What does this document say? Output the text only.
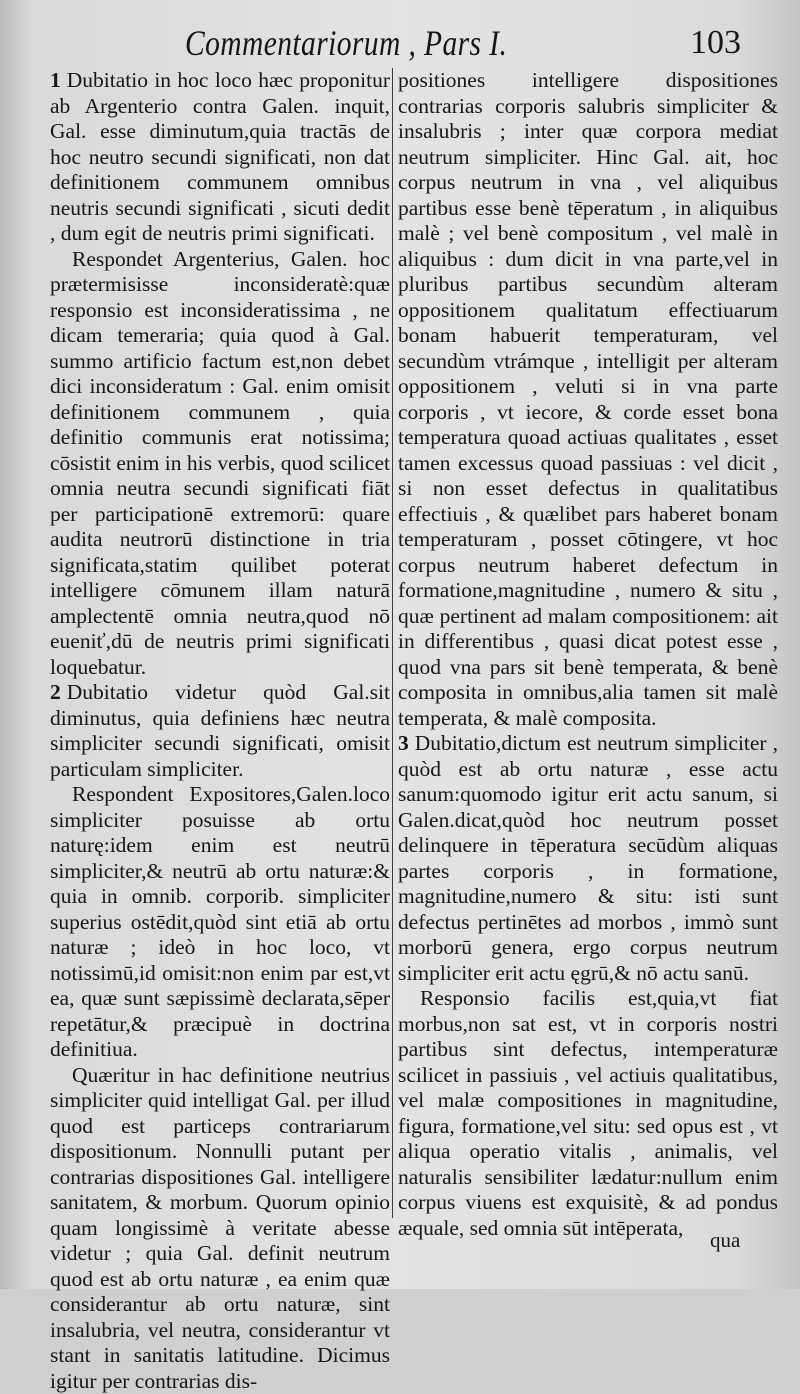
Commentariorum , Pars I.	103

1 Dubitatio in hoc loco hæc proponitur ab Argenterio contra Galen. inquit, Gal. esse diminutum,quia tractās de hoc neutro secundi significati, non dat definitionem communem omnibus neutris secundi significati , sicuti dedit , dum egit de neutris primi significati.

Respondet Argenterius, Galen. hoc prætermisisse inconsideratè:quæ responsio est inconsideratissima , ne dicam temeraria; quia quod à Gal. summo artificio factum est,non debet dici inconsideratum : Gal. enim omisit definitionem communem , quia definitio communis erat notissima; cōsistit enim in his verbis, quod scilicet omnia neutra secundi significati fiāt per participationē extremorū: quare audita neutrorū distinctione in tria significata,statim quilibet poterat intelligere cōmunem illam naturā amplectentē omnia neutra,quod nō eueniť,dū de neutris primi significati loquebatur.

2 Dubitatio videtur quòd Gal.sit diminutus, quia definiens hæc neutra simpliciter secundi significati, omisit particulam simpliciter.

Respondent Expositores,Galen.loco simpliciter posuisse ab ortu naturę:idem enim est neutrū simpliciter,& neutrū ab ortu naturæ:& quia in omnib. corporib. simpliciter superius ostēdit,quòd sint etiā ab ortu naturæ ; ideò in hoc loco, vt notissimū,id omisit:non enim par est,vt ea, quæ sunt sæpissimè declarata,sēper repetātur,& præcipuè in doctrina definitiua.

Quæritur in hac definitione neutrius simpliciter quid intelligat Gal. per illud quod est particeps contrariarum dispositionum. Nonnulli putant per contrarias dispositiones Gal. intelligere sanitatem, & morbum. Quorum opinio quam longissimè à veritate abesse videtur ; quia Gal. definit neutrum quod est ab ortu naturæ , ea enim quæ considerantur ab ortu naturæ, sint insalubria, vel neutra, considerantur vt stant in sanitatis latitudine. Dicimus igitur per contrarias dis-

positiones intelligere dispositiones contrarias corporis salubris simpliciter & insalubris ; inter quæ corpora mediat neutrum simpliciter. Hinc Gal. ait, hoc corpus neutrum in vna , vel aliquibus partibus esse benè tēperatum , in aliquibus malè ; vel benè compositum , vel malè in aliquibus : dum dicit in vna parte,vel in pluribus partibus secundùm alteram oppositionem qualitatum effectiuarum bonam habuerit temperaturam, vel secundùm vtrámque , intelligit per alteram oppositionem , veluti si in vna parte corporis , vt iecore, & corde esset bona temperatura quoad actiuas qualitates , esset tamen excessus quoad passiuas : vel dicit , si non esset defectus in qualitatibus effectiuis , & quælibet pars haberet bonam temperaturam , posset cōtingere, vt hoc corpus neutrum haberet defectum in formatione,magnitudine , numero & situ , quæ pertinent ad malam compositionem: ait in differentibus , quasi dicat potest esse , quod vna pars sit benè temperata, & benè composita in omnibus,alia tamen sit malè temperata, & malè composita.

3 Dubitatio,dictum est neutrum simpliciter , quòd est ab ortu naturæ , esse actu sanum:quomodo igitur erit actu sanum, si Galen.dicat,quòd hoc neutrum posset delinquere in tēperatura secūdùm aliquas partes corporis , in formatione, magnitudine,numero & situ: isti sunt defectus pertinētes ad morbos , immò sunt morborū genera, ergo corpus neutrum simpliciter erit actu ęgrū,& nō actu sanū.

Responsio facilis est,quia,vt fiat morbus,non sat est, vt in corporis nostri partibus sint defectus, intemperaturæ scilicet in passiuis , vel actiuis qualitatibus, vel malæ compositiones in magnitudine, figura, formatione,vel situ: sed opus est , vt aliqua operatio vitalis , animalis, vel naturalis sensibiliter lædatur:nullum enim corpus viuens est exquisitè, & ad pondus æquale, sed omnia sūt intēperata,

qua
